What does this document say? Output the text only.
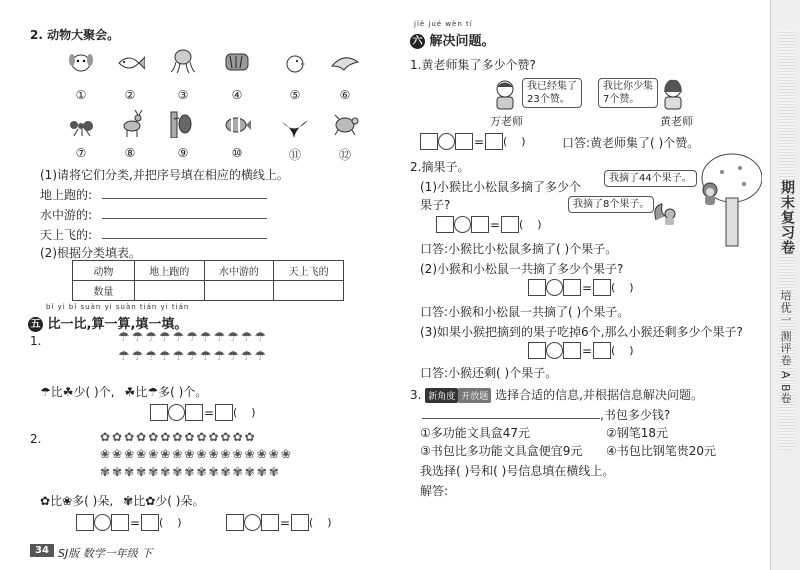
2. 动物大聚会。
①	②	③	④	⑤	⑥
⑦	⑧	⑨	⑩	⑪	⑫
(1)请将它们分类,并把序号填在相应的横线上。
地上跑的:
水中游的:
天上飞的:
(2)根据分类填表。
动物	地上跑的	水中游的	天上飞的
数量			
bǐ yi bǐ suàn yi suàn tián yi tián
五 比一比,算一算,填一填。
1.	☂☂☂☂☂☂☂☂☂☂☂
☂☂☂☂☂☂☂☂☂☂☂
☂比☘少( )个, ☘比☂多( )个。
= (    )
2.	✿✿✿✿✿✿✿✿✿✿✿✿✿
❀❀❀❀❀❀❀❀❀❀❀❀❀❀❀❀
✾✾✾✾✾✾✾✾✾✾✾✾✾✾✾
✿比❀多( )朵, ✾比✿少( )朵。
= (    )	= (    )
34 SJ版 数学一年级 下
jiě jué wèn tí
六 解决问题。
1.黄老师集了多少个赞?
我已经集了
23个赞。
万老师
我比你少集
7个赞。
黄老师
= (    )	口答:黄老师集了( )个赞。
2.摘果子。
(1)小猴比小松鼠多摘了多少个
果子?
我摘了44个果子。
我摘了8个果子。
= (    )
口答:小猴比小松鼠多摘了( )个果子。
(2)小猴和小松鼠一共摘了多少个果子?
= (    )
口答:小猴和小松鼠一共摘了( )个果子。
(3)如果小猴把摘到的果子吃掉6个,那么小猴还剩多少个果子?
= (    )
口答:小猴还剩( )个果子。
3. 新角度 开放题 选择合适的信息,并根据信息解决问题。
,书包多少钱?
①多功能文具盒47元	②钢笔18元
③书包比多功能文具盒便宜9元 ④书包比钢笔贵20元
我选择( )号和( )号信息填在横线上。
解答:
期末复习卷
培优一 测评卷 A B卷
